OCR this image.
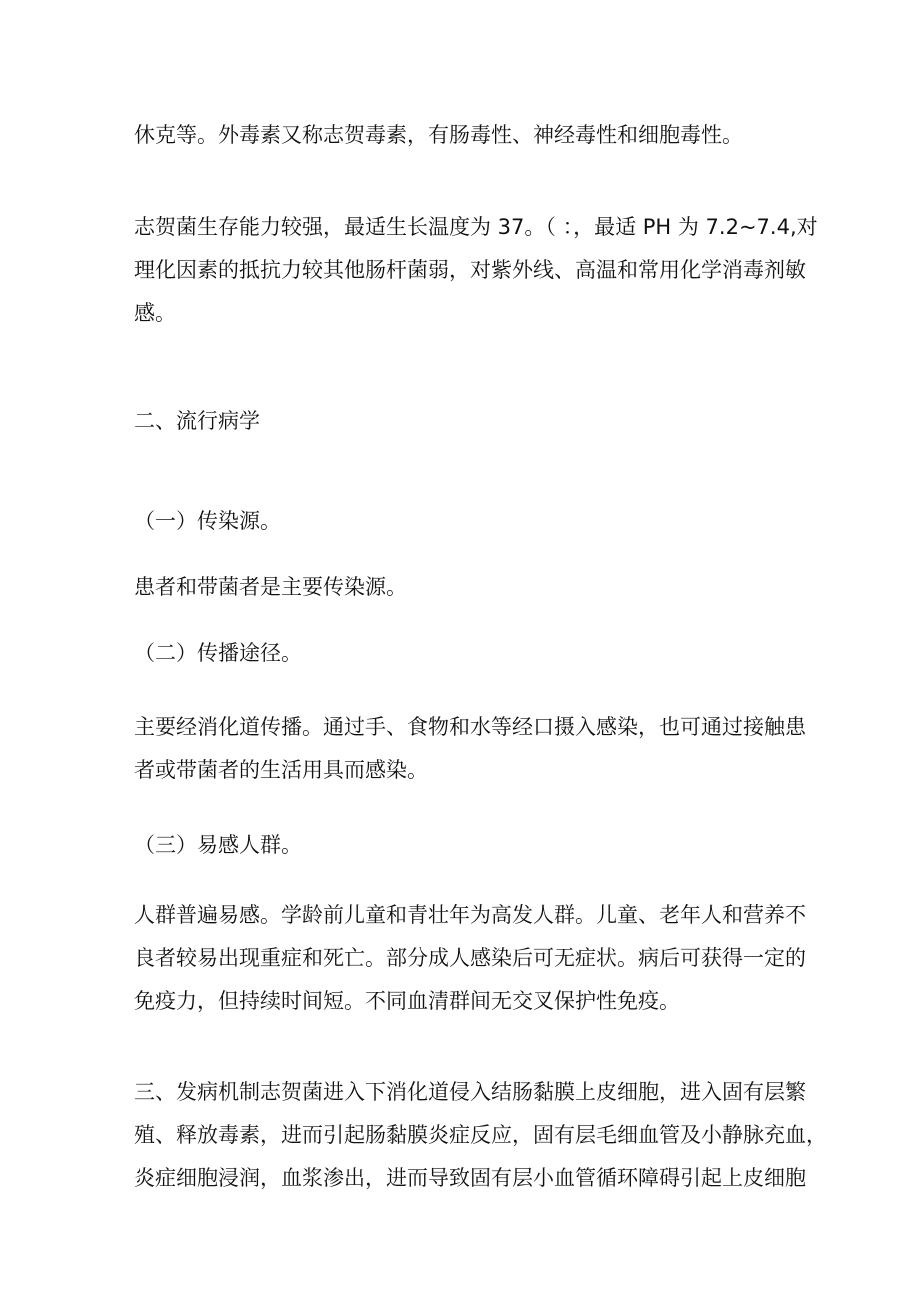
休克等。外毒素又称志贺毒素，有肠毒性、神经毒性和细胞毒性。

志贺菌生存能力较强，最适生长温度为 37。（ ：，最适 PH 为 7.2~7.4,对
理化因素的抵抗力较其他肠杆菌弱，对紫外线、高温和常用化学消毒剂敏
感。

二、流行病学

（一）传染源。

患者和带菌者是主要传染源。

（二）传播途径。

主要经消化道传播。通过手、食物和水等经口摄入感染，也可通过接触患
者或带菌者的生活用具而感染。

（三）易感人群。

人群普遍易感。学龄前儿童和青壮年为高发人群。儿童、老年人和营养不
良者较易出现重症和死亡。部分成人感染后可无症状。病后可获得一定的
免疫力，但持续时间短。不同血清群间无交叉保护性免疫。

三、发病机制志贺菌进入下消化道侵入结肠黏膜上皮细胞，进入固有层繁
殖、释放毒素，进而引起肠黏膜炎症反应，固有层毛细血管及小静脉充血，
炎症细胞浸润，血浆渗出，进而导致固有层小血管循环障碍引起上皮细胞
